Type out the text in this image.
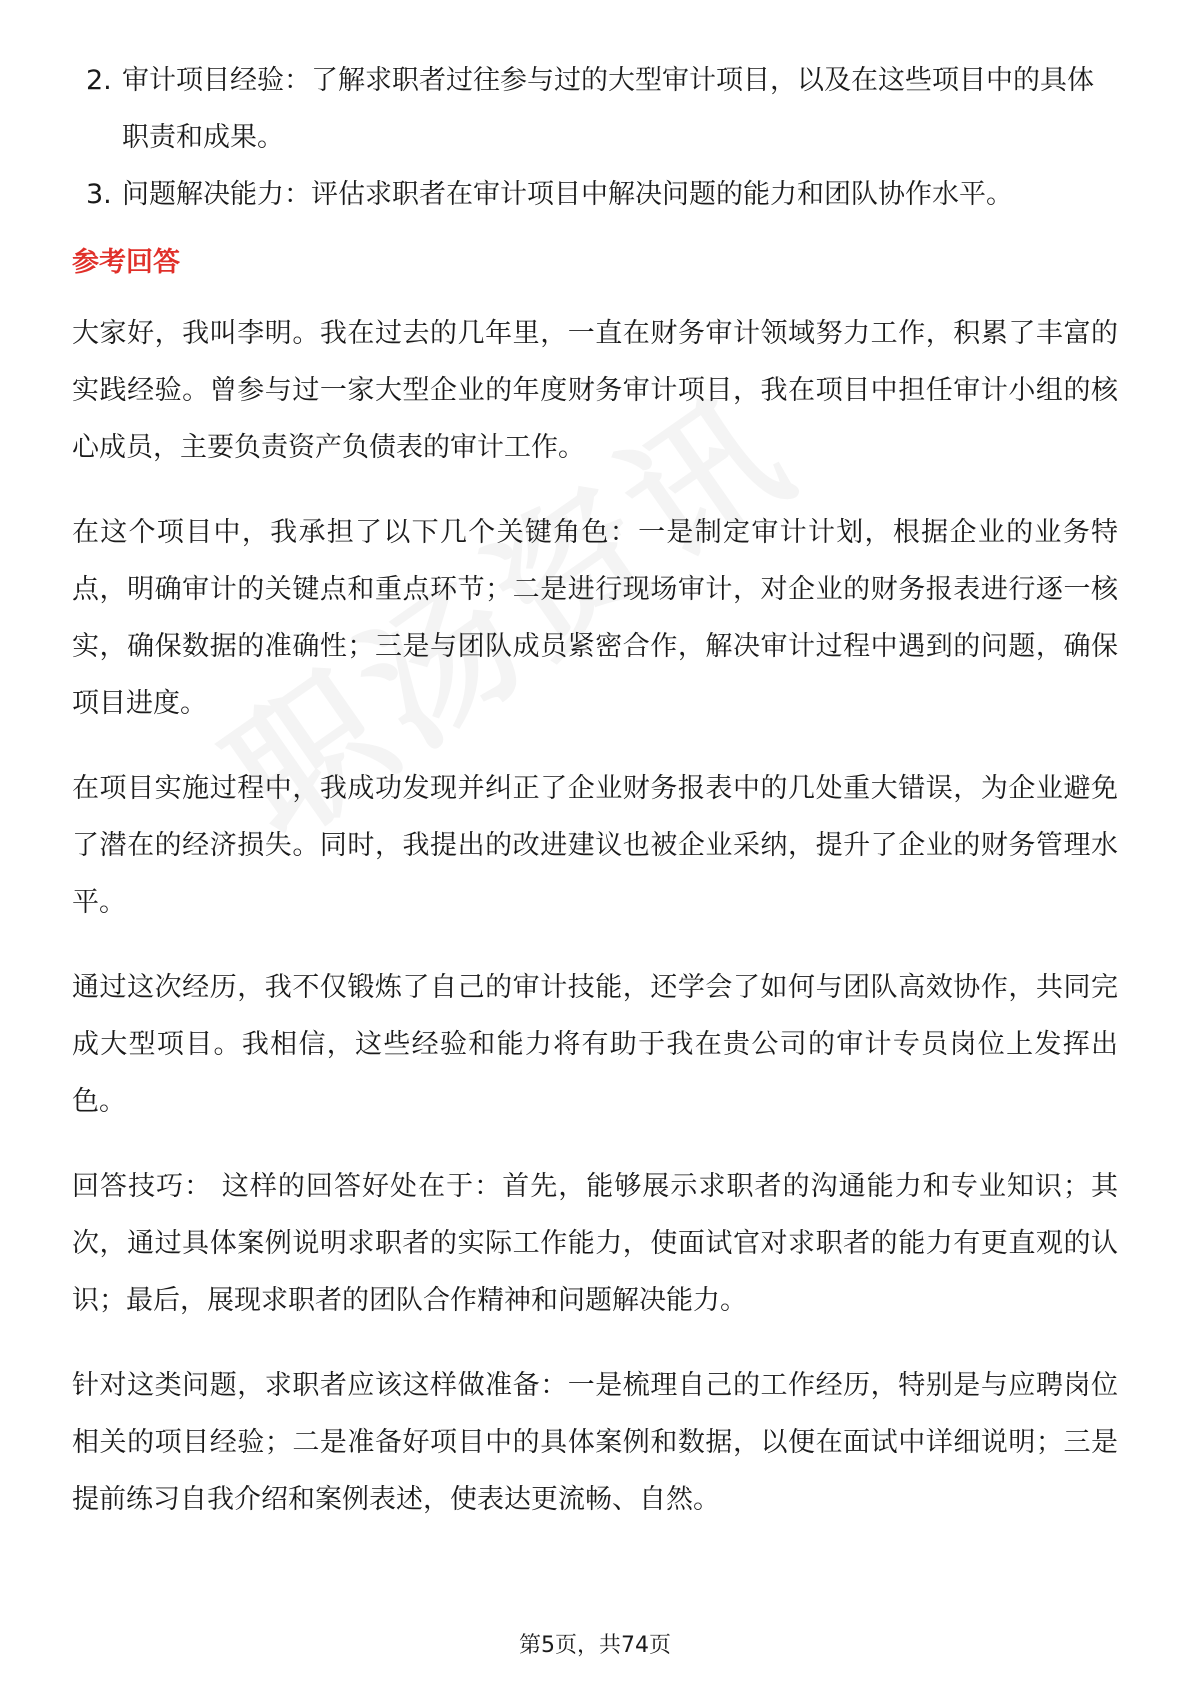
2. 审计项目经验：了解求职者过往参与过的大型审计项目，以及在这些项目中的具体职责和成果。
3. 问题解决能力：评估求职者在审计项目中解决问题的能力和团队协作水平。
参考回答

大家好，我叫李明。我在过去的几年里，一直在财务审计领域努力工作，积累了丰富的实践经验。曾参与过一家大型企业的年度财务审计项目，我在项目中担任审计小组的核心成员，主要负责资产负债表的审计工作。

在这个项目中，我承担了以下几个关键角色：一是制定审计计划，根据企业的业务特点，明确审计的关键点和重点环节；二是进行现场审计，对企业的财务报表进行逐一核实，确保数据的准确性；三是与团队成员紧密合作，解决审计过程中遇到的问题，确保项目进度。

在项目实施过程中，我成功发现并纠正了企业财务报表中的几处重大错误，为企业避免了潜在的经济损失。同时，我提出的改进建议也被企业采纳，提升了企业的财务管理水平。

通过这次经历，我不仅锻炼了自己的审计技能，还学会了如何与团队高效协作，共同完成大型项目。我相信，这些经验和能力将有助于我在贵公司的审计专员岗位上发挥出色。

回答技巧： 这样的回答好处在于：首先，能够展示求职者的沟通能力和专业知识；其次，通过具体案例说明求职者的实际工作能力，使面试官对求职者的能力有更直观的认识；最后，展现求职者的团队合作精神和问题解决能力。

针对这类问题，求职者应该这样做准备：一是梳理自己的工作经历，特别是与应聘岗位相关的项目经验；二是准备好项目中的具体案例和数据，以便在面试中详细说明；三是提前练习自我介绍和案例表述，使表达更流畅、自然。

第5页，共74页
